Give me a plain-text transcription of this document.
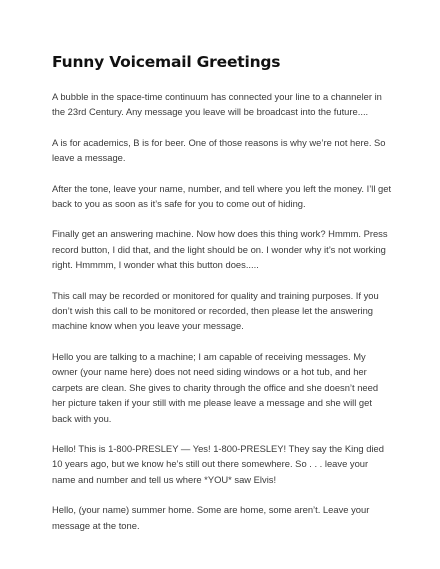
Funny Voicemail Greetings

A bubble in the space-time continuum has connected your line to a channeler in the 23rd Century. Any message you leave will be broadcast into the future....

A is for academics, B is for beer. One of those reasons is why we’re not here. So leave a message.

After the tone, leave your name, number, and tell where you left the money. I’ll get back to you as soon as it’s safe for you to come out of hiding.

Finally get an answering machine. Now how does this thing work? Hmmm. Press record button, I did that, and the light should be on. I wonder why it’s not working right. Hmmmm, I wonder what this button does.....

This call may be recorded or monitored for quality and training purposes. If you don’t wish this call to be monitored or recorded, then please let the answering machine know when you leave your message.

Hello you are talking to a machine; I am capable of receiving messages. My owner (your name here) does not need siding windows or a hot tub, and her carpets are clean. She gives to charity through the office and she doesn’t need her picture taken if your still with me please leave a message and she will get back with you.

Hello! This is 1-800-PRESLEY — Yes! 1-800-PRESLEY! They say the King died 10 years ago, but we know he’s still out there somewhere. So . . . leave your name and number and tell us where *YOU* saw Elvis!

Hello, (your name) summer home. Some are home, some aren’t. Leave your message at the tone.
